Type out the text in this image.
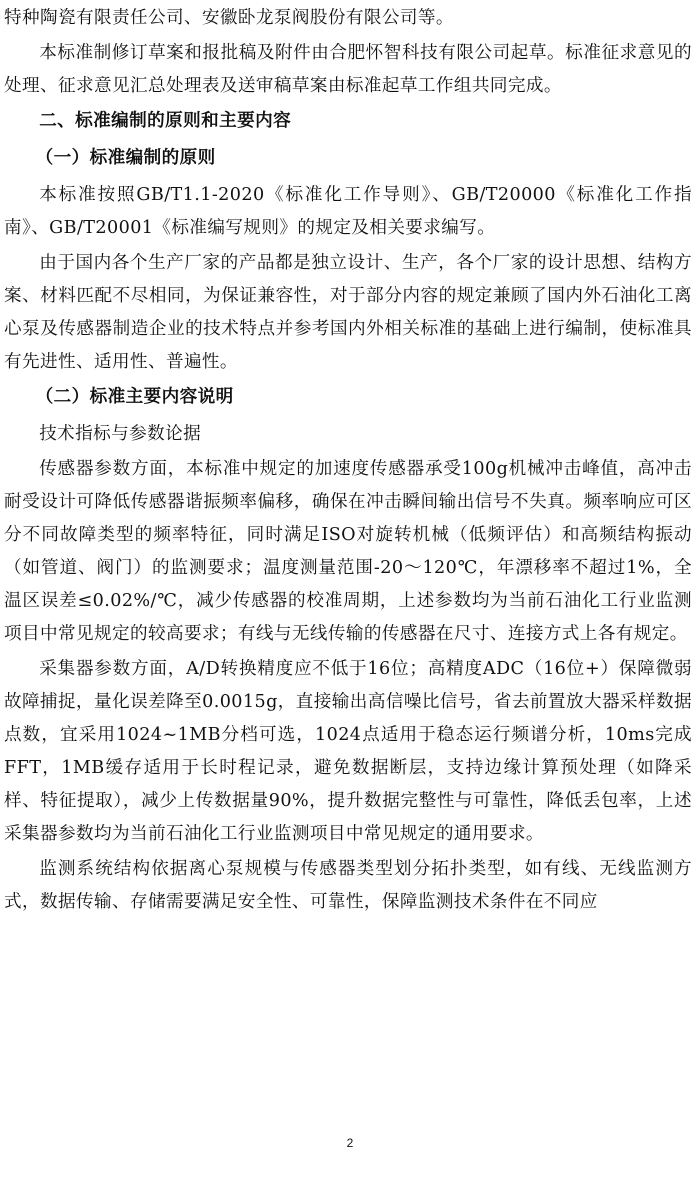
特种陶瓷有限责任公司、安徽卧龙泵阀股份有限公司等。

本标准制修订草案和报批稿及附件由合肥怀智科技有限公司起草。标准征求意见的处理、征求意见汇总处理表及送审稿草案由标准起草工作组共同完成。

二、标准编制的原则和主要内容

（一）标准编制的原则

本标准按照GB/T1.1-2020《标准化工作导则》、GB/T20000《标准化工作指南》、GB/T20001《标准编写规则》的规定及相关要求编写。

由于国内各个生产厂家的产品都是独立设计、生产，各个厂家的设计思想、结构方案、材料匹配不尽相同，为保证兼容性，对于部分内容的规定兼顾了国内外石油化工离心泵及传感器制造企业的技术特点并参考国内外相关标准的基础上进行编制，使标准具有先进性、适用性、普遍性。

（二）标准主要内容说明

技术指标与参数论据

传感器参数方面，本标准中规定的加速度传感器承受100g机械冲击峰值，高冲击耐受设计可降低传感器谐振频率偏移，确保在冲击瞬间输出信号不失真。频率响应可区分不同故障类型的频率特征，同时满足ISO对旋转机械（低频评估）和高频结构振动（如管道、阀门）的监测要求；温度测量范围-20～120℃，年漂移率不超过1%，全温区误差≤0.02%/℃，减少传感器的校准周期，上述参数均为当前石油化工行业监测项目中常见规定的较高要求；有线与无线传输的传感器在尺寸、连接方式上各有规定。

采集器参数方面，A/D转换精度应不低于16位；高精度ADC（16位+）保障微弱故障捕捉，量化误差降至0.0015g，直接输出高信噪比信号，省去前置放大器采样数据点数，宜采用1024~1MB分档可选，1024点适用于稳态运行频谱分析，10ms完成FFT，1MB缓存适用于长时程记录，避免数据断层，支持边缘计算预处理（如降采样、特征提取），减少上传数据量90%，提升数据完整性与可靠性，降低丢包率，上述采集器参数均为当前石油化工行业监测项目中常见规定的通用要求。

监测系统结构依据离心泵规模与传感器类型划分拓扑类型，如有线、无线监测方式，数据传输、存储需要满足安全性、可靠性，保障监测技术条件在不同应

2
